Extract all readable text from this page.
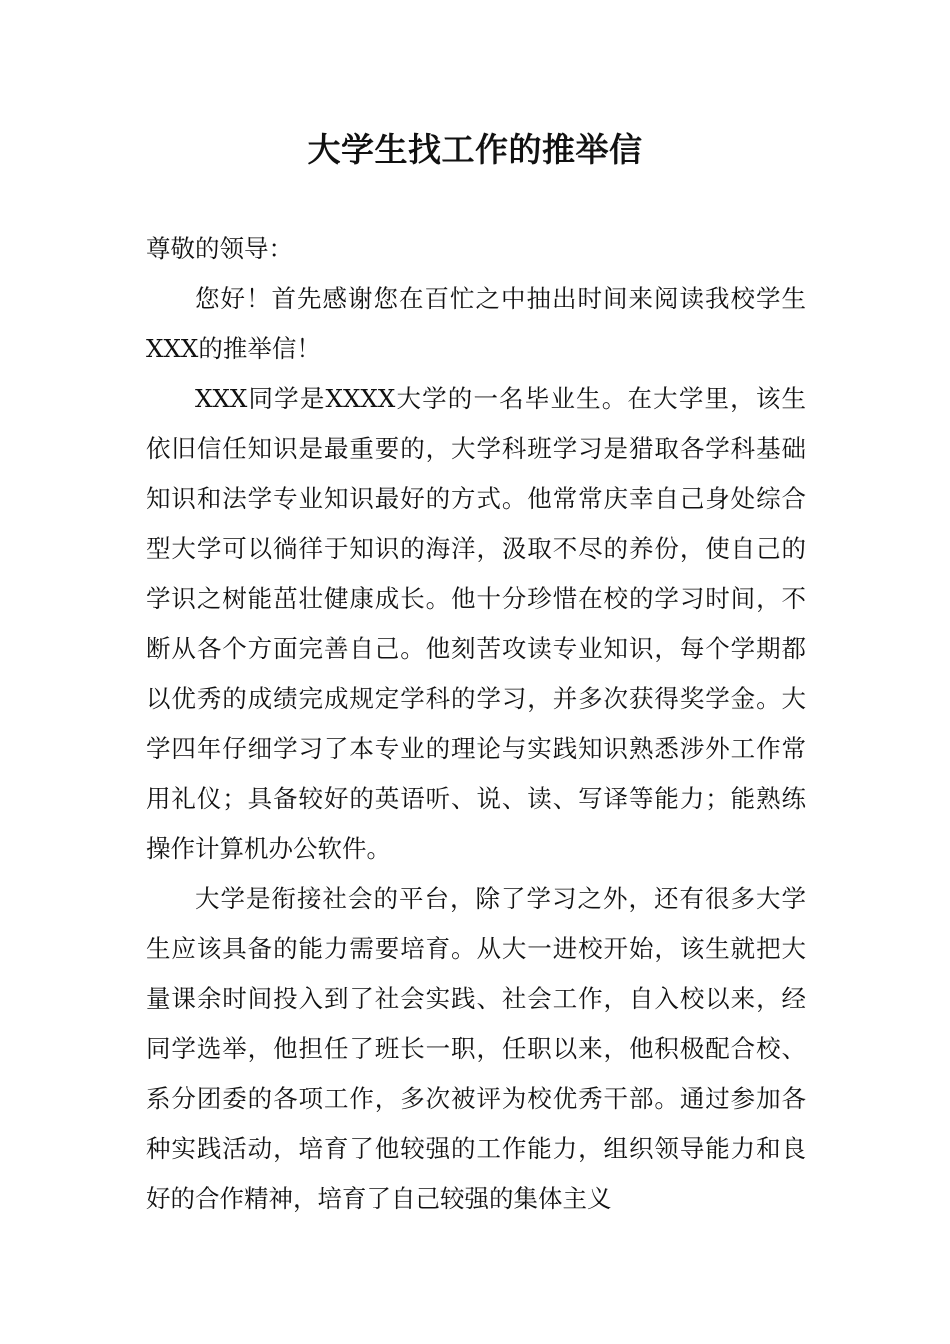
大学生找工作的推举信

尊敬的领导：

您好！首先感谢您在百忙之中抽出时间来阅读我校学生XXX的推举信！

XXX同学是XXXX大学的一名毕业生。在大学里，该生依旧信任知识是最重要的，大学科班学习是猎取各学科基础知识和法学专业知识最好的方式。他常常庆幸自己身处综合型大学可以徜徉于知识的海洋，汲取不尽的养份，使自己的学识之树能茁壮健康成长。他十分珍惜在校的学习时间，不断从各个方面完善自己。他刻苦攻读专业知识，每个学期都以优秀的成绩完成规定学科的学习，并多次获得奖学金。大学四年仔细学习了本专业的理论与实践知识熟悉涉外工作常用礼仪；具备较好的英语听、说、读、写译等能力；能熟练操作计算机办公软件。

大学是衔接社会的平台，除了学习之外，还有很多大学生应该具备的能力需要培育。从大一进校开始，该生就把大量课余时间投入到了社会实践、社会工作，自入校以来，经同学选举，他担任了班长一职，任职以来，他积极配合校、系分团委的各项工作，多次被评为校优秀干部。通过参加各种实践活动，培育了他较强的工作能力，组织领导能力和良好的合作精神，培育了自己较强的集体主义
